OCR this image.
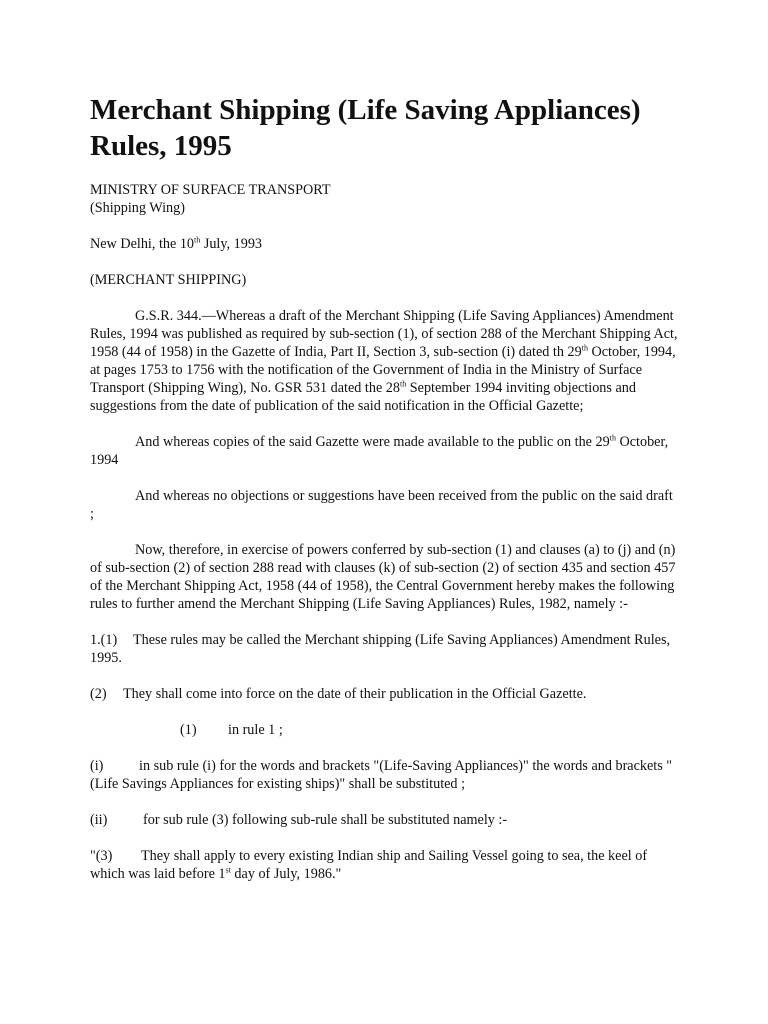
Merchant Shipping (Life Saving Appliances) Rules, 1995

MINISTRY OF SURFACE TRANSPORT
(Shipping Wing)

New Delhi, the 10th July, 1993

(MERCHANT SHIPPING)

G.S.R. 344.—Whereas a draft of the Merchant Shipping (Life Saving Appliances) Amendment Rules, 1994 was published as required by sub-section (1), of section 288 of the Merchant Shipping Act, 1958 (44 of 1958) in the Gazette of India, Part II, Section 3, sub-section (i) dated th 29th October, 1994, at pages 1753 to 1756 with the notification of the Government of India in the Ministry of Surface Transport (Shipping Wing), No. GSR 531 dated the 28th September 1994 inviting objections and suggestions from the date of publication of the said notification in the Official Gazette;

And whereas copies of the said Gazette were made available to the public on the 29th October, 1994

And whereas no objections or suggestions have been received from the public on the said draft ;

Now, therefore, in exercise of powers conferred by sub-section (1) and clauses (a) to (j) and (n) of sub-section (2) of section 288 read with clauses (k) of sub-section (2) of section 435 and section 457 of the Merchant Shipping Act, 1958 (44 of 1958), the Central Government hereby makes the following rules to further amend the Merchant Shipping (Life Saving Appliances) Rules, 1982, namely :-

1.(1) These rules may be called the Merchant shipping (Life Saving Appliances) Amendment Rules, 1995.

(2) They shall come into force on the date of their publication in the Official Gazette.

(1) in rule 1 ;

(i)	in sub rule (i) for the words and brackets "(Life-Saving Appliances)" the words and brackets "(Life Savings Appliances for existing ships)" shall be substituted ;

(ii)	for sub rule (3) following sub-rule shall be substituted namely :-

"(3) They shall apply to every existing Indian ship and Sailing Vessel going to sea, the keel of which was laid before 1st day of July, 1986."
